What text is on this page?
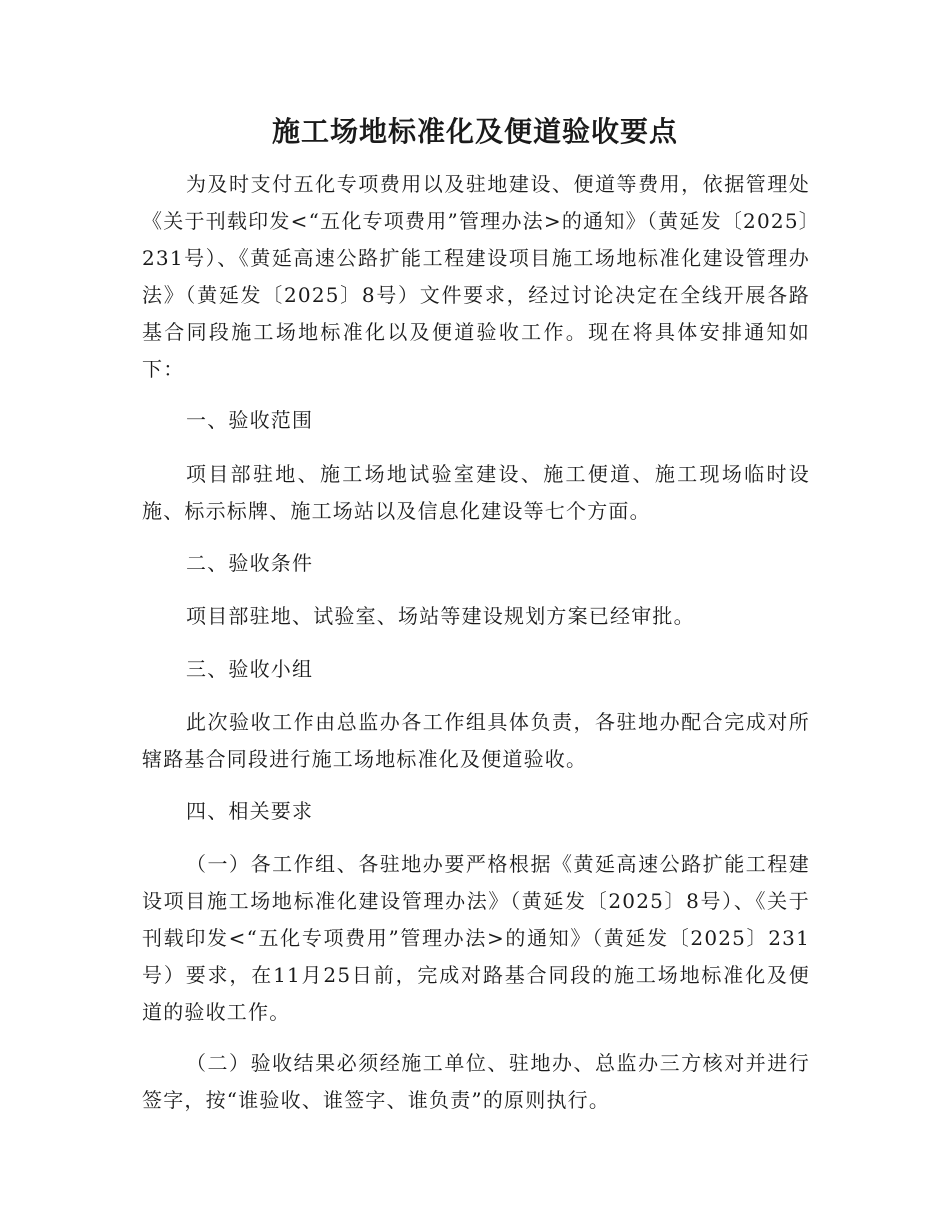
施工场地标准化及便道验收要点

为及时支付五化专项费用以及驻地建设、便道等费用，依据管理处《关于刊载印发<“五化专项费用”管理办法>的通知》（黄延发〔2025〕231号）、《黄延高速公路扩能工程建设项目施工场地标准化建设管理办法》（黄延发〔2025〕8号）文件要求，经过讨论决定在全线开展各路基合同段施工场地标准化以及便道验收工作。现在将具体安排通知如下：

一、验收范围

项目部驻地、施工场地试验室建设、施工便道、施工现场临时设施、标示标牌、施工场站以及信息化建设等七个方面。

二、验收条件

项目部驻地、试验室、场站等建设规划方案已经审批。

三、验收小组

此次验收工作由总监办各工作组具体负责，各驻地办配合完成对所辖路基合同段进行施工场地标准化及便道验收。

四、相关要求

（一）各工作组、各驻地办要严格根据《黄延高速公路扩能工程建设项目施工场地标准化建设管理办法》（黄延发〔2025〕8号）、《关于刊载印发<“五化专项费用”管理办法>的通知》（黄延发〔2025〕231号）要求，在11月25日前，完成对路基合同段的施工场地标准化及便道的验收工作。

（二）验收结果必须经施工单位、驻地办、总监办三方核对并进行签字，按“谁验收、谁签字、谁负责”的原则执行。
